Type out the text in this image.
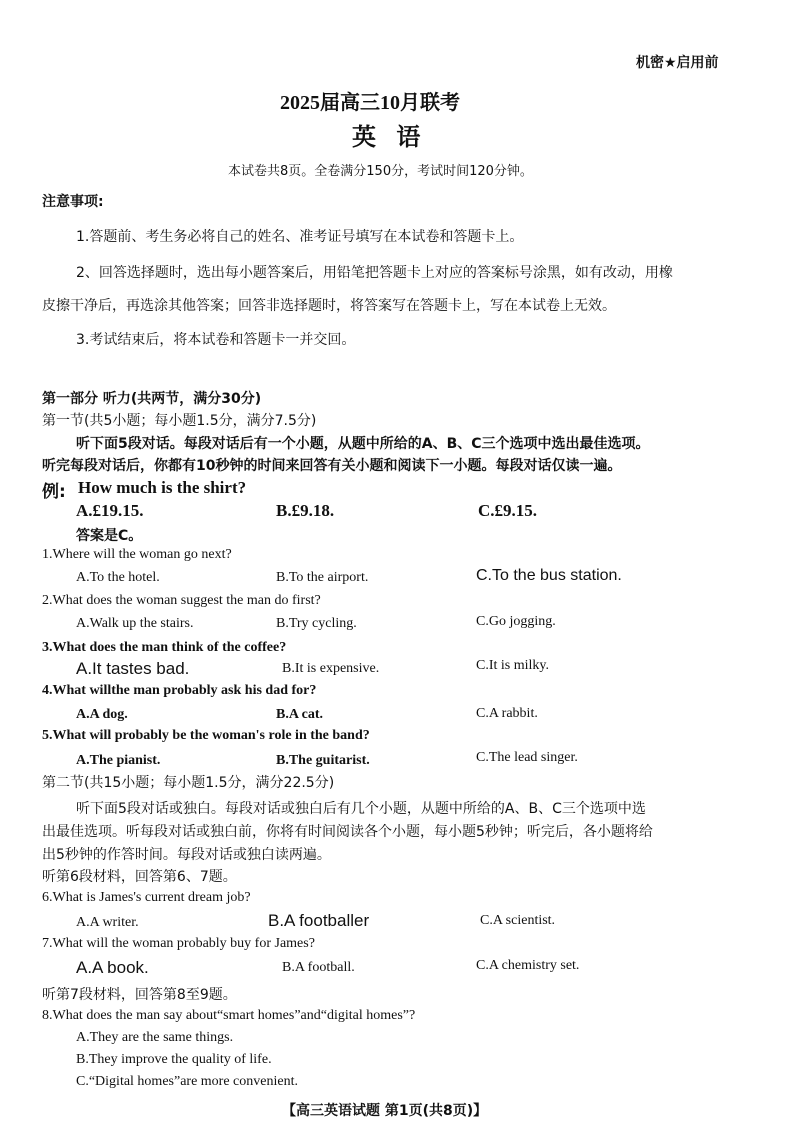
机密★启用前
2025届高三10月联考
英 语
本试卷共8页。全卷满分150分，考试时间120分钟。
注意事项:
1.答题前、考生务必将自己的姓名、准考证号填写在本试卷和答题卡上。
2、回答选择题时，选出每小题答案后，用铅笔把答题卡上对应的答案标号涂黑，如有改动，用橡
皮擦干净后，再选涂其他答案；回答非选择题时，将答案写在答题卡上，写在本试卷上无效。
3.考试结束后，将本试卷和答题卡一并交回。
第一部分 听力(共两节，满分30分)
第一节(共5小题；每小题1.5分，满分7.5分)
听下面5段对话。每段对话后有一个小题，从题中所给的A、B、C三个选项中选出最佳选项。
听完每段对话后，你都有10秒钟的时间来回答有关小题和阅读下一小题。每段对话仅读一遍。
例: How much is the shirt?
A.£19.15.	B.£9.18.	C.£9.15.
答案是C。
1.Where will the woman go next?
A.To the hotel.	B.To the airport.	C.To the bus station.
2.What does the woman suggest the man do first?
A.Walk up the stairs.	B.Try cycling.	C.Go jogging.
3.What does the man think of the coffee?
A.It tastes bad.	B.It is expensive.	C.It is milky.
4.What willthe man probably ask his dad for?
A.A dog.	B.A cat.	C.A rabbit.
5.What will probably be the woman's role in the band?
A.The pianist.	B.The guitarist.	C.The lead singer.
第二节(共15小题；每小题1.5分，满分22.5分)
听下面5段对话或独白。每段对话或独白后有几个小题，从题中所给的A、B、C三个选项中选
出最佳选项。听每段对话或独白前，你将有时间阅读各个小题，每小题5秒钟；听完后，各小题将给
出5秒钟的作答时间。每段对话或独白读两遍。
听第6段材料，回答第6、7题。
6.What is James's current dream job?
A.A writer.	B.A footballer	C.A scientist.
7.What will the woman probably buy for James?
A.A book.	B.A football.	C.A chemistry set.
听第7段材料，回答第8至9题。
8.What does the man say about“smart homes”and“digital homes”?
A.They are the same things.
B.They improve the quality of life.
C.“Digital homes”are more convenient.
【高三英语试题 第1页(共8页)】
